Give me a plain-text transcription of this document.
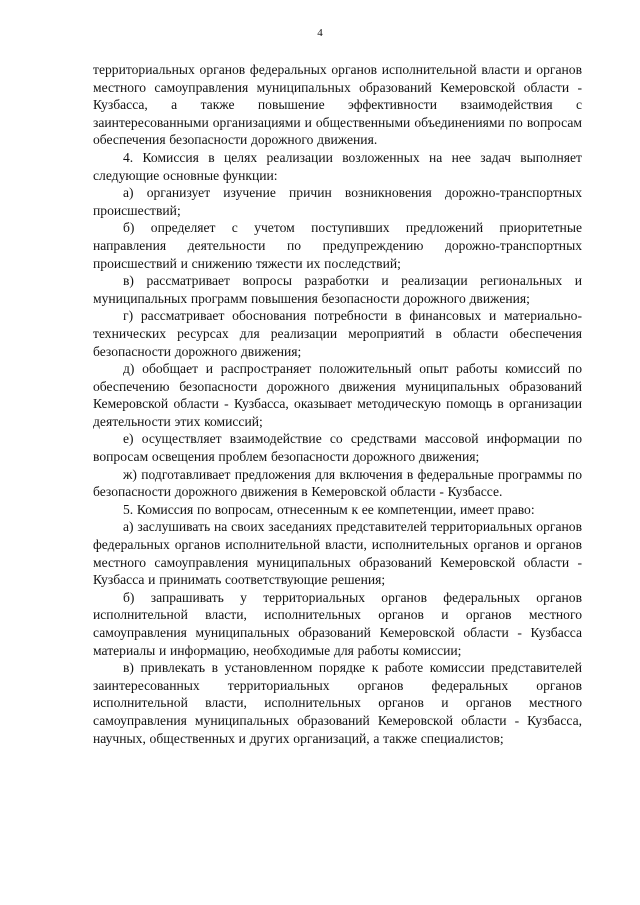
4

территориальных органов федеральных органов исполнительной власти и органов местного самоуправления муниципальных образований Кемеровской области - Кузбасса, а также повышение эффективности взаимодействия с заинтересованными организациями и общественными объединениями по вопросам обеспечения безопасности дорожного движения.

4. Комиссия в целях реализации возложенных на нее задач выполняет следующие основные функции:

а) организует изучение причин возникновения дорожно-транспортных происшествий;

б) определяет с учетом поступивших предложений приоритетные направления деятельности по предупреждению дорожно-транспортных происшествий и снижению тяжести их последствий;

в) рассматривает вопросы разработки и реализации региональных и муниципальных программ повышения безопасности дорожного движения;

г) рассматривает обоснования потребности в финансовых и материально-технических ресурсах для реализации мероприятий в области обеспечения безопасности дорожного движения;

д) обобщает и распространяет положительный опыт работы комиссий по обеспечению безопасности дорожного движения муниципальных образований Кемеровской области - Кузбасса, оказывает методическую помощь в организации деятельности этих комиссий;

е) осуществляет взаимодействие со средствами массовой информации по вопросам освещения проблем безопасности дорожного движения;

ж) подготавливает предложения для включения в федеральные программы по безопасности дорожного движения в Кемеровской области - Кузбассе.

5. Комиссия по вопросам, отнесенным к ее компетенции, имеет право:

а) заслушивать на своих заседаниях представителей территориальных органов федеральных органов исполнительной власти, исполнительных органов и органов местного самоуправления муниципальных образований Кемеровской области - Кузбасса и принимать соответствующие решения;

б) запрашивать у территориальных органов федеральных органов исполнительной власти, исполнительных органов и органов местного самоуправления муниципальных образований Кемеровской области - Кузбасса материалы и информацию, необходимые для работы комиссии;

в) привлекать в установленном порядке к работе комиссии представителей заинтересованных территориальных органов федеральных органов исполнительной власти, исполнительных органов и органов местного самоуправления муниципальных образований Кемеровской области - Кузбасса, научных, общественных и других организаций, а также специалистов;
